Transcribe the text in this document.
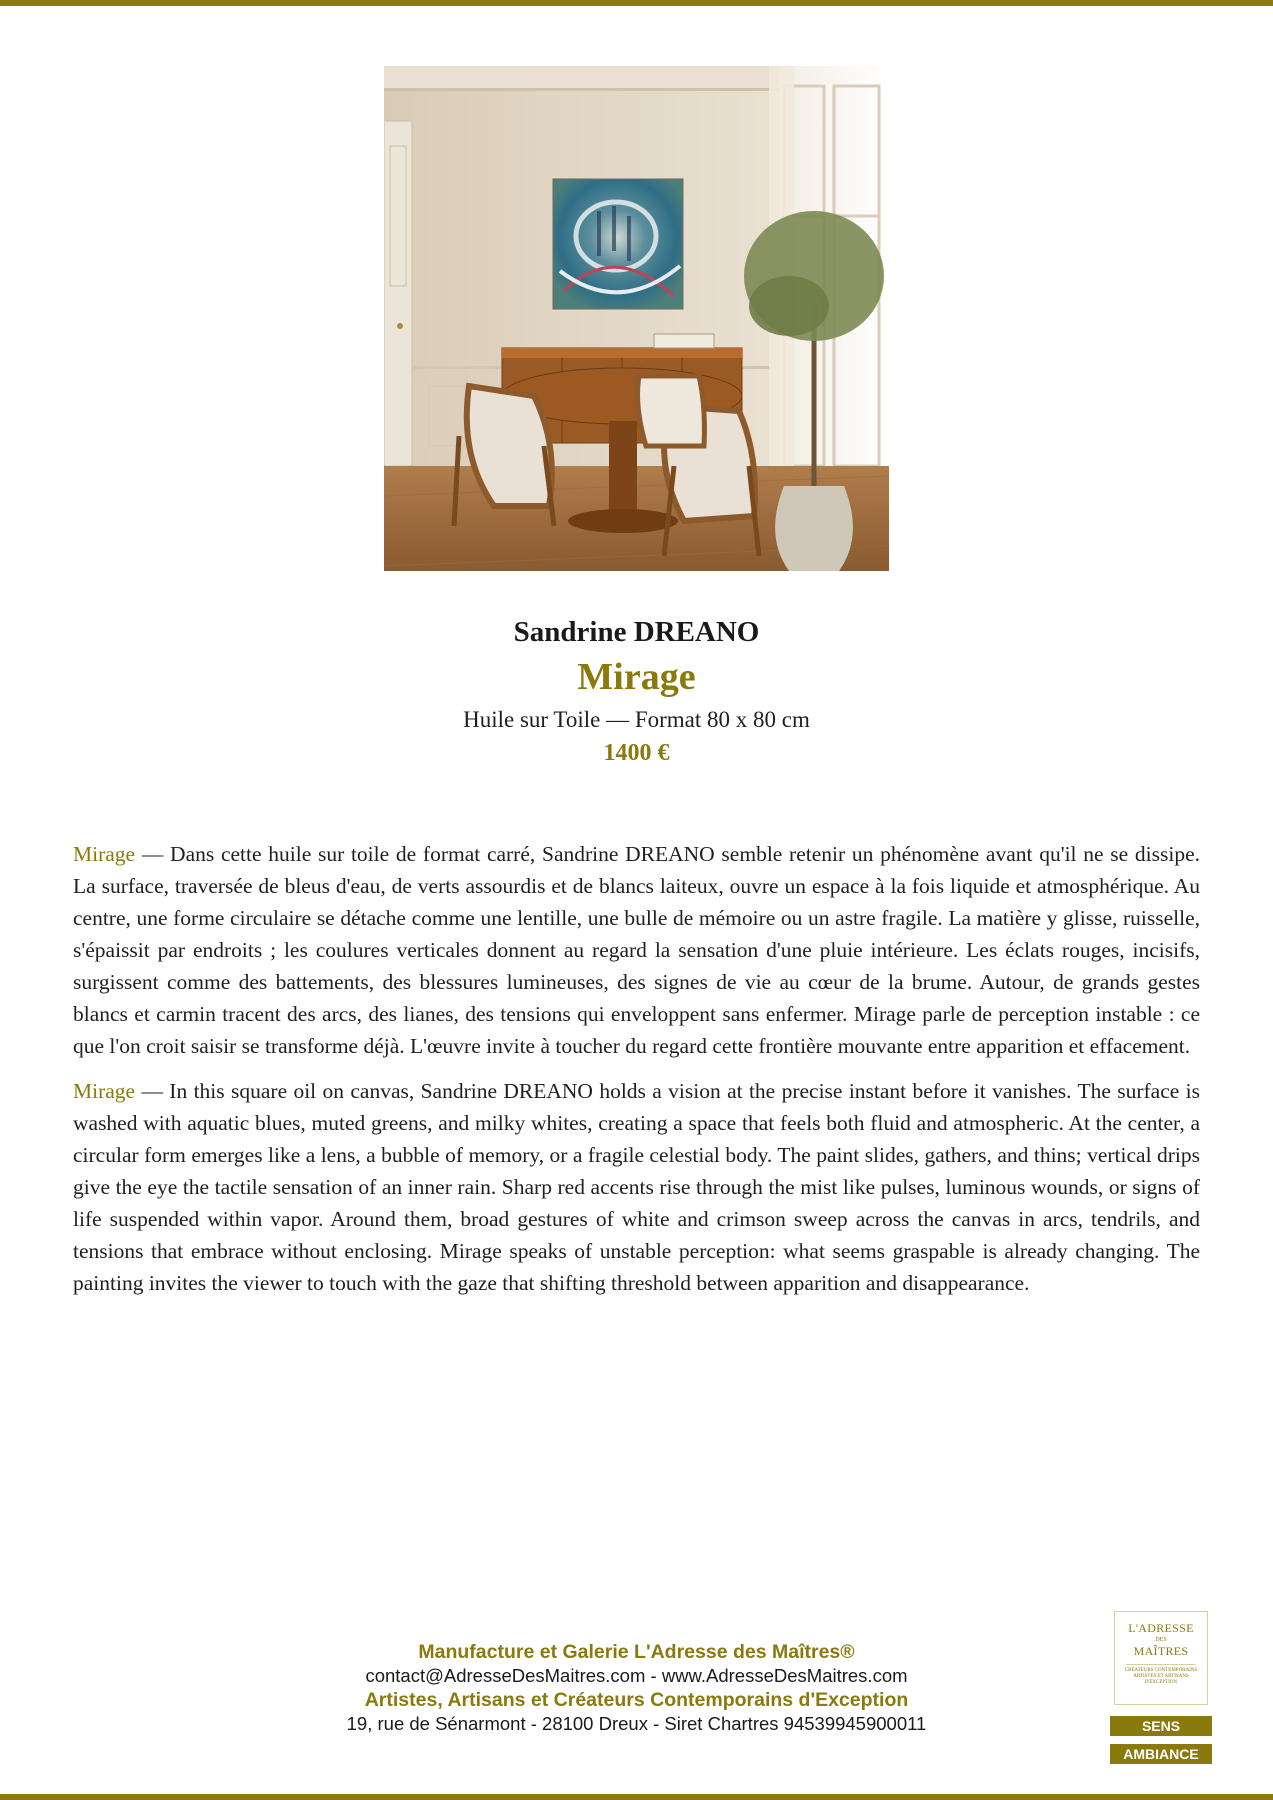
Sandrine DREANO
Mirage
Huile sur Toile — Format 80 x 80 cm
1400 €

Mirage — Dans cette huile sur toile de format carré, Sandrine DREANO semble retenir un phénomène avant qu'il ne se dissipe. La surface, traversée de bleus d'eau, de verts assourdis et de blancs laiteux, ouvre un espace à la fois liquide et atmosphérique. Au centre, une forme circulaire se détache comme une lentille, une bulle de mémoire ou un astre fragile. La matière y glisse, ruisselle, s'épaissit par endroits ; les coulures verticales donnent au regard la sensation d'une pluie intérieure. Les éclats rouges, incisifs, surgissent comme des battements, des blessures lumineuses, des signes de vie au cœur de la brume. Autour, de grands gestes blancs et carmin tracent des arcs, des lianes, des tensions qui enveloppent sans enfermer. Mirage parle de perception instable : ce que l'on croit saisir se transforme déjà. L'œuvre invite à toucher du regard cette frontière mouvante entre apparition et effacement.

Mirage — In this square oil on canvas, Sandrine DREANO holds a vision at the precise instant before it vanishes. The surface is washed with aquatic blues, muted greens, and milky whites, creating a space that feels both fluid and atmospheric. At the center, a circular form emerges like a lens, a bubble of memory, or a fragile celestial body. The paint slides, gathers, and thins; vertical drips give the eye the tactile sensation of an inner rain. Sharp red accents rise through the mist like pulses, luminous wounds, or signs of life suspended within vapor. Around them, broad gestures of white and crimson sweep across the canvas in arcs, tendrils, and tensions that embrace without enclosing. Mirage speaks of unstable perception: what seems graspable is already changing. The painting invites the viewer to touch with the gaze that shifting threshold between apparition and disappearance.

Manufacture et Galerie L'Adresse des Maîtres®
contact@AdresseDesMaitres.com - www.AdresseDesMaitres.com
Artistes, Artisans et Créateurs Contemporains d'Exception
19, rue de Sénarmont - 28100 Dreux - Siret Chartres 94539945900011
L'ADRESSE
DES
MAÎTRES
CRÉATEURS CONTEMPORAINS ARTISTES ET ARTISANS D'EXCEPTION
SENS
AMBIANCE
